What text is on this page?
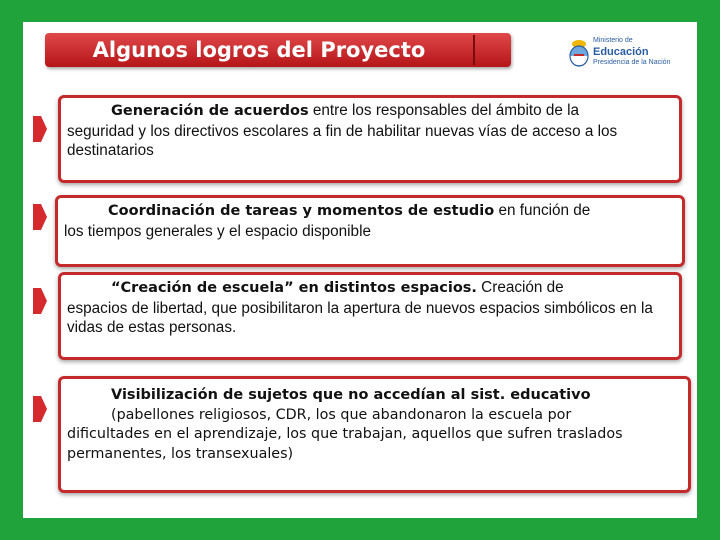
Algunos logros del Proyecto	Ministerio de
Educación
Presidencia de la Nación

Generación de acuerdos entre los responsables del ámbito de la

seguridad y los directivos escolares a fin de habilitar nuevas vías de acceso a los destinatarios

Coordinación de tareas y momentos de estudio en función de

los tiempos generales y el espacio disponible

“Creación de escuela” en distintos espacios. Creación de

espacios de libertad, que posibilitaron la apertura de nuevos espacios simbólicos en la vidas de estas personas.

Visibilización de sujetos que no accedían al sist. educativo

(pabellones religiosos, CDR, los que abandonaron la escuela por

dificultades en el aprendizaje, los que trabajan, aquellos que sufren traslados permanentes, los transexuales)
